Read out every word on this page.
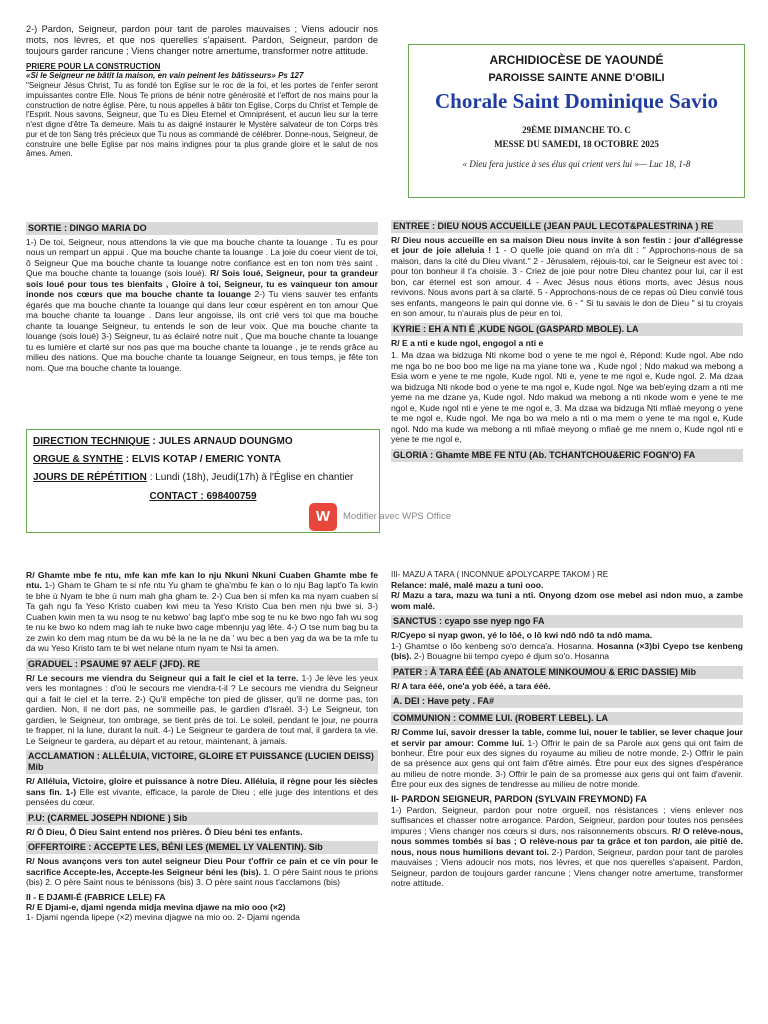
2-) Pardon, Seigneur, pardon pour tant de paroles mauvaises ; Viens adoucir nos mots, nos lèvres, et que nos querelles s'apaisent. Pardon, Seigneur, pardon de toujours garder rancune ; Viens changer notre amertume, transformer notre attitude.

PRIERE POUR LA CONSTRUCTION
«Si le Seigneur ne bâtit la maison, en vain peinent les bâtisseurs» Ps 127

"Seigneur Jésus Christ, Tu as fondé ton Eglise sur le roc de la foi, et les portes de l'enfer seront impuissantes contre Elle. Nous Te prions de bénir notre générosité et l'effort de nos mains pour la construction de notre église. Père, tu nous appelles à bâtir ton Eglise, Corps du Christ et Temple de l'Esprit. Nous savons, Seigneur, que Tu es Dieu Eternel et Omniprésent, et aucun lieu sur la terre n'est digne d'être Ta demeure. Mais tu as daigné instaurer le Mystère salvateur de ton Corps très pur et de ton Sang très précieux que Tu nous as commandé de célébrer. Donne-nous, Seigneur, de construire une belle Eglise par nos mains indignes pour ta plus grande gloire et le salut de nos âmes. Amen.

ARCHIDIOCÈSE DE YAOUNDÉ
PAROISSE SAINTE ANNE D'OBILI
Chorale Saint Dominique Savio
29ÈME DIMANCHE TO. C
MESSE DU SAMEDI, 18 OCTOBRE 2025
« Dieu fera justice à ses élus qui crient vers lui »— Luc 18, 1-8
SORTIE : DINGO MARIA DO

1-) De toi, Seigneur, nous attendons la vie que ma bouche chante ta louange . Tu es pour nous un rempart un appui . Que ma bouche chante ta louange . La joie du coeur vient de toi, ô Seigneur Que ma bouche chante ta louange notre confiance est en ton nom très saint . Que ma bouche chante ta louange (sois loué). R/ Sois loué, Seigneur, pour ta grandeur sois loué pour tous tes bienfaits , Gloire à toi, Seigneur, tu es vainqueur ton amour inonde nos cœurs que ma bouche chante ta louange 2-) Tu viens sauver tes enfants égarés que ma bouche chante ta louange qui dans leur cœur espèrent en ton amour Que ma bouche chante ta louange . Dans leur angoisse, ils ont crié vers toi que ma bouche chante ta louange Seigneur, tu entends le son de leur voix. Que ma bouche chante ta louange (sois loué) 3-) Seigneur, tu as éclairé notre nuit , Que ma bouche chante ta louange tu es lumière et clarté sur nos pas que ma bouche chante ta louange , je te rends grâce au milieu des nations. Que ma bouche chante ta louange Seigneur, en tous temps, je fête ton nom. Que ma bouche chante ta louange.

DIRECTION TECHNIQUE : JULES ARNAUD DOUNGMO
ORGUE & SYNTHE : ELVIS KOTAP / EMERIC YONTA
JOURS DE RÉPÉTITION : Lundi (18h), Jeudi(17h) à l'Église en chantier
CONTACT : 698400759
W	Modifier avec WPS Office
ENTREE : DIEU NOUS ACCUEILLE (JEAN PAUL LECOT&PALESTRINA ) RE

R/ Dieu nous accueille en sa maison Dieu nous invite à son festin : jour d'allégresse et jour de joie alleluia ! 1 - O quelle joie quand on m'a dit : " Approchons-nous de sa maison, dans la cité du Dieu vivant." 2 - Jérusalem, réjouis-toi, car le Seigneur est avec toi : pour ton bonheur il t'a choisie. 3 - Criez de joie pour notre Dieu chantez pour lui, car il est bon, car éternel est son amour. 4 - Avec Jésus nous étions morts, avec Jésus nous revivons. Nous avons part à sa clarté. 5 - Approchons-nous de ce repas où Dieu convié tous ses enfants, mangeons le pain qui donne vie. 6 - " Si tu savais le don de Dieu " si tu croyais en son amour, tu n'aurais plus de peur en toi.

KYRIE : EH A NTI É ,KUDE NGOL (GASPARD MBOLE). LA

R/ E a nti e kude ngol, engogol a nti e

1. Ma dzaa wa bidzuga Nti nkome bod o yene te me ngol é, Répond: Kude ngol. Abe ndo me nga bo ne boo boo me lige na ma yiane tone wa , Kude ngol ; Ndo makud wa mebong a Esia wom e yene te me ngole, Kude ngol. Nti e, yene te me ngol e, Kude ngol. 2. Ma dzaa wa bidzuga Nti nkode bod o yene te ma ngol e, Kude ngol. Nge wa beb'eying dzam a nti me yeme na me dzane ya, Kude ngol. Ndo makud wa mebong a nti nkode wom e yene te me ngol e, Kude ngol nti e yene te me ngol e, 3. Ma dzaa wa bidzuga Nti mfiaè meyong o yene te me ngol e, Kude ngol. Me nga bo wa melo a nti o ma mem o yene te ma ngol e, Kude ngol. Ndo ma kude wa mebong a nti mfiaè meyong o mfiaè ge me nnem o, Kude ngol nti e yene te me ngol e,

GLORIA : Ghamte MBE FE NTU (Ab. TCHANTCHOU&ERIC FOGN'O) FA

R/ Ghamte mbe fe ntu, mfe kan mfe kan lo nju Nkuni Nkuni Cuaben Ghamte mbe fe ntu. 1-) Gham te Gham te si nfe ntu Yu gham te gha'mbu fe kan o lo nju Bag lapt'o Ta kwin te bhe ù Nyam te bhe ù num mah gha gham te. 2-) Cua ben si mfen ka ma nyam cuaben si Ta gah ngu fa Yeso Kristo cuaben kwi meu ta Yeso Kristo Cua ben men nju bwe si. 3-) Cuaben kwin men ta wu nsog te nu kebwo' bag lapt'o mbe sog te nu ke bwo ngo fah wu sog te nu ke bwo ko ndem mag lah te nuke bwo cage mbennju yag lête. 4-) O tse num bag bu ta ze zwin ko dem mag ntum be da wu bè la ne la ne da ' wu bec a ben yag da wa be ta mfe tu da wu Yeso Kristo tam te bi wet nelane ntum nyam te Nsi ta amen.

GRADUEL : PSAUME 97 AELF (JFD). RE

R/ Le secours me viendra du Seigneur qui a fait le ciel et la terre. 1-) Je lève les yeux vers les montagnes : d'où le secours me viendra-t-il ? Le secours me viendra du Seigneur qui a fait le ciel et la terre. 2-) Qu'il empêche ton pied de glisser, qu'il ne dorme pas, ton gardien. Non, il ne dort pas, ne sommeille pas, le gardien d'Israël. 3-) Le Seigneur, ton gardien, le Seigneur, ton ombrage, se tient près de toi. Le soleil, pendant le jour, ne pourra te frapper, ni la lune, durant la nuit. 4-) Le Seigneur te gardera de tout mal, il gardera ta vie. Le Seigneur te gardera, au départ et au retour, maintenant, à jamais.

ACCLAMATION : ALLÉLUIA, VICTOIRE, GLOIRE ET PUISSANCE (LUCIEN DEISS) Mib

R/ Alléluia, Victoire, gloire et puissance à notre Dieu. Alléluia, il règne pour les siècles sans fin. 1-) Elle est vivante, efficace, la parole de Dieu ; elle juge des intentions et des pensées du cœur.

P.U: (CARMEL JOSEPH NDIONE ) Sib

R/ Ô Dieu, Ô Dieu Saint entend nos prières. Ô Dieu béni tes enfants.

OFFERTOIRE : ACCEPTE LES, BÉNI LES (MEMEL LY VALENTIN). Sib

R/ Nous avançons vers ton autel seigneur Dieu Pour t'offrir ce pain et ce vin pour le sacrifice Accepte-les, Accepte-les Seigneur béni les (bis). 1. O père Saint nous te prions (bis) 2. O père Saint nous te bénissons (bis) 3. O père saint nous t'acclamons (bis)

II - E DJAMI-É (FABRICE LELE) FA

R/ E Djami-e, djami ngenda midja mevina djawe na mio ooo (×2)
1- Djami ngenda lipepe (×2) mevina djagwe na mio oo. 2- Djami ngenda

III- MAZU A TARA ( INCONNUE &POLYCARPE TAKOM ) RE

Relance: malé, malé mazu a tuni ooo.
R/ Mazu a tara, mazu wa tuni a nti. Onyong dzom ose mebel asi ndon muo, a zambe wom malé.

SANCTUS : cyapo sse nyep ngo FA

R/Cyepo si nyap gwon, yé lo lôé, o lô kwi ndô ndô ta ndô mama.
1-) Ghamtse o lôo kenbeng so'o demca'a. Hosanna. Hosanna (×3)bi Cyepo tse kenbeng (bis). 2-) Bouagne bii tempo cyepo é djum so'o. Hosanna

PATER : À TARA ÉÉÉ (Ab ANATOLE MINKOUMOU & ERIC DASSIE) Mib

R/ A tara ééé, one'a yob ééé, a tara ééé.

A. DEI : Have pety . FA#
COMMUNION : COMME LUI. (ROBERT LEBEL). LA

R/ Comme lui, savoir dresser la table, comme lui, nouer le tablier, se lever chaque jour et servir par amour: Comme lui. 1-) Offrir le pain de sa Parole aux gens qui ont faim de bonheur. Être pour eux des signes du royaume au milieu de notre monde. 2-) Offrir le pain de sa présence aux gens qui ont faim d'être aimés. Être pour eux des signes d'espérance au milieu de notre monde. 3-) Offrir le pain de sa promesse aux gens qui ont faim d'avenir. Être pour eux des signes de tendresse au milieu de notre monde.

II- PARDON SEIGNEUR, PARDON (SYLVAIN FREYMOND) FA

1-) Pardon, Seigneur, pardon pour notre orgueil, nos résistances ; viens enlever nos suffisances et chasser notre arrogance. Pardon, Seigneur, pardon pour toutes nos pensées impures ; Viens changer nos cœurs si durs, nos raisonnements obscurs. R/ O relève-nous, nous sommes tombés si bas ; O relève-nous par ta grâce et ton pardon, aie pitié de. nous, nous nous humilions devant toi. 2-) Pardon, Seigneur, pardon pour tant de paroles mauvaises ; Viens adoucir nos mots, nos lèvres, et que nos querelles s'apaisent. Pardon, Seigneur, pardon de toujours garder rancune ; Viens changer notre amertume, transformer notre attitude.
